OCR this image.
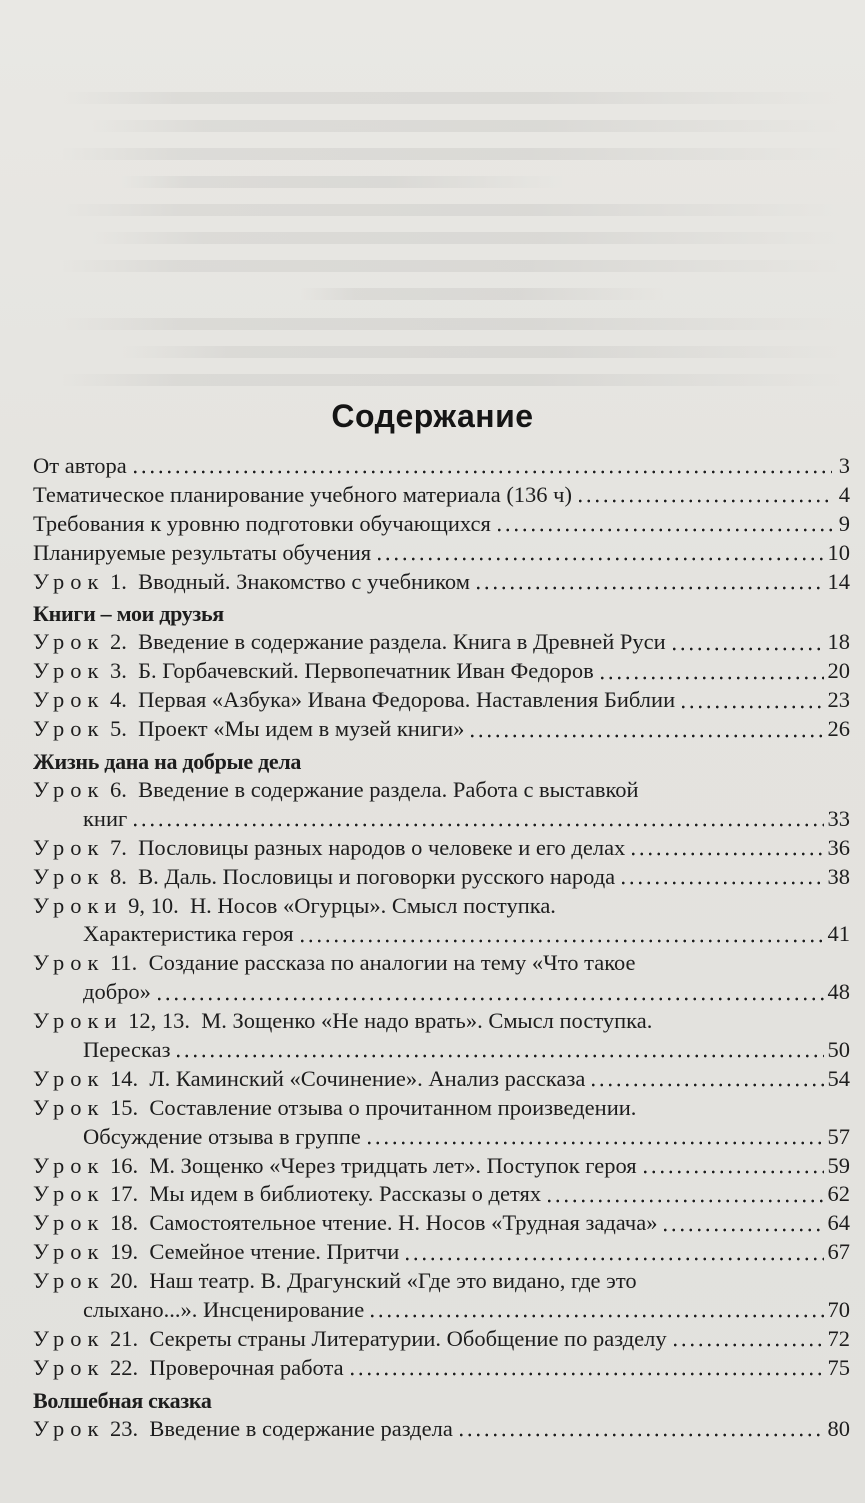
Содержание
От автора	3
Тематическое планирование учебного материала (136 ч)	4
Требования к уровню подготовки обучающихся	9
Планируемые результаты обучения	10
Урок 1. Вводный. Знакомство с учебником	14
Книги – мои друзья
Урок 2. Введение в содержание раздела. Книга в Древней Руси	18
Урок 3. Б. Горбачевский. Первопечатник Иван Федоров	20
Урок 4. Первая «Азбука» Ивана Федорова. Наставления Библии	23
Урок 5. Проект «Мы идем в музей книги»	26
Жизнь дана на добрые дела
Урок 6. Введение в содержание раздела. Работа с выставкой
книг	33
Урок 7. Пословицы разных народов о человеке и его делах	36
Урок 8. В. Даль. Пословицы и поговорки русского народа	38
Уроки 9, 10. Н. Носов «Огурцы». Смысл поступка.
Характеристика героя	41
Урок 11. Создание рассказа по аналогии на тему «Что такое
добро»	48
Уроки 12, 13. М. Зощенко «Не надо врать». Смысл поступка.
Пересказ	50
Урок 14. Л. Каминский «Сочинение». Анализ рассказа	54
Урок 15. Составление отзыва о прочитанном произведении.
Обсуждение отзыва в группе	57
Урок 16. М. Зощенко «Через тридцать лет». Поступок героя	59
Урок 17. Мы идем в библиотеку. Рассказы о детях	62
Урок 18. Самостоятельное чтение. Н. Носов «Трудная задача»	64
Урок 19. Семейное чтение. Притчи	67
Урок 20. Наш театр. В. Драгунский «Где это видано, где это
слыхано...». Инсценирование	70
Урок 21. Секреты страны Литературии. Обобщение по разделу	72
Урок 22. Проверочная работа	75
Волшебная сказка
Урок 23. Введение в содержание раздела	80
